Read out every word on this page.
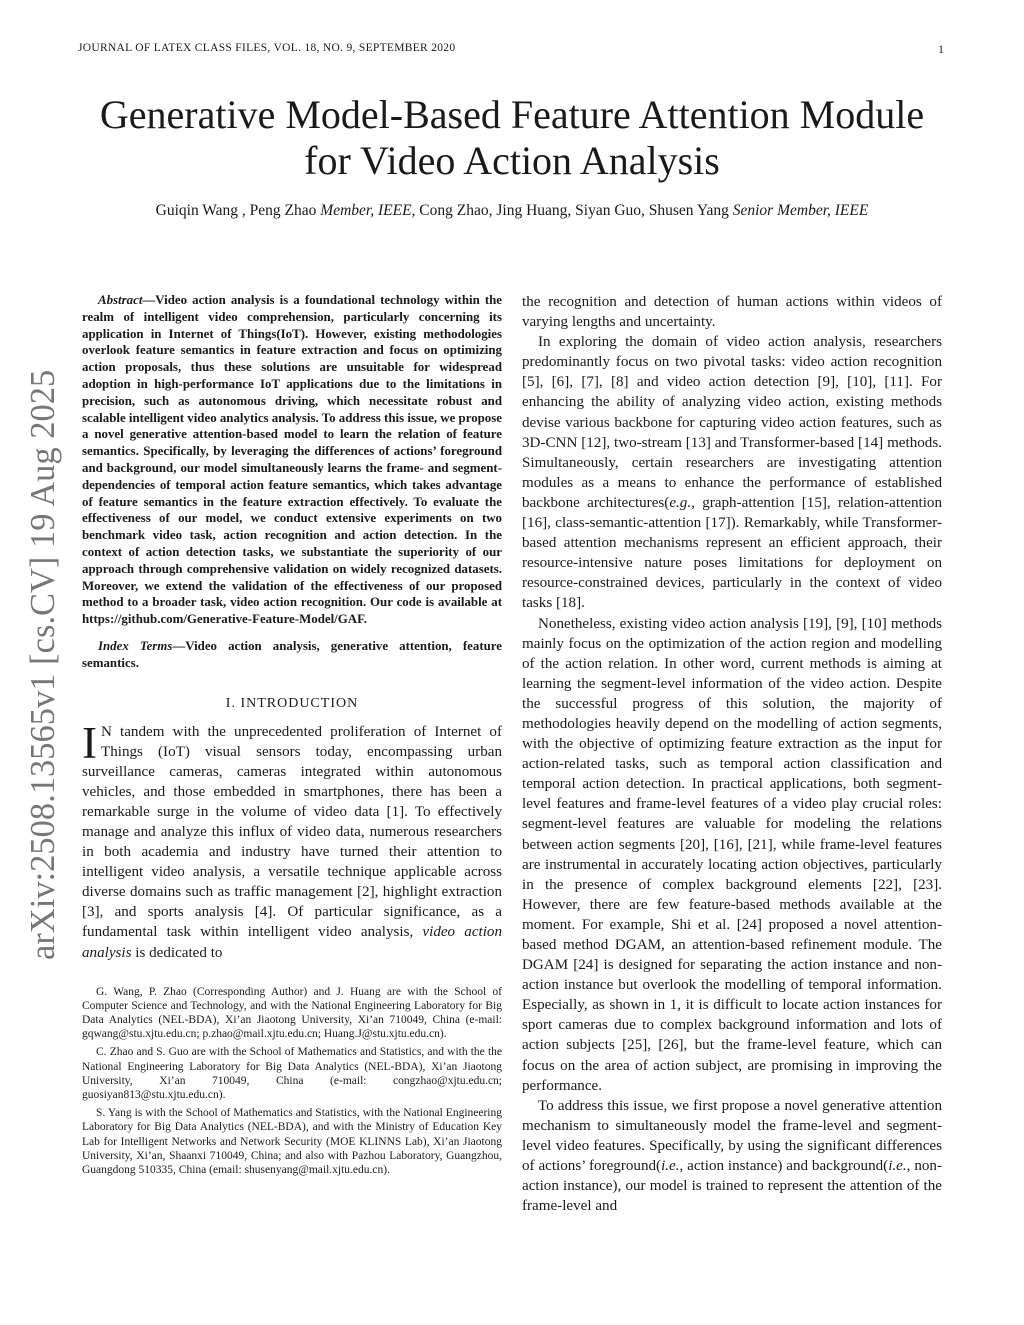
JOURNAL OF LATEX CLASS FILES, VOL. 18, NO. 9, SEPTEMBER 2020	1
Generative Model-Based Feature Attention Module
for Video Action Analysis
Guiqin Wang , Peng Zhao Member, IEEE, Cong Zhao, Jing Huang, Siyan Guo, Shusen Yang Senior Member, IEEE
arXiv:2508.13565v1 [cs.CV] 19 Aug 2025

Abstract—Video action analysis is a foundational technology within the realm of intelligent video comprehension, particularly concerning its application in Internet of Things(IoT). However, existing methodologies overlook feature semantics in feature extraction and focus on optimizing action proposals, thus these solutions are unsuitable for widespread adoption in high-performance IoT applications due to the limitations in precision, such as autonomous driving, which necessitate robust and scalable intelligent video analytics analysis. To address this issue, we propose a novel generative attention-based model to learn the relation of feature semantics. Specifically, by leveraging the differences of actions’ foreground and background, our model simultaneously learns the frame- and segment-dependencies of temporal action feature semantics, which takes advantage of feature semantics in the feature extraction effectively. To evaluate the effectiveness of our model, we conduct extensive experiments on two benchmark video task, action recognition and action detection. In the context of action detection tasks, we substantiate the superiority of our approach through comprehensive validation on widely recognized datasets. Moreover, we extend the validation of the effectiveness of our proposed method to a broader task, video action recognition. Our code is available at https://github.com/Generative-Feature-Model/GAF.

Index Terms—Video action analysis, generative attention, feature semantics.

I. INTRODUCTION

I N tandem with the unprecedented proliferation of Internet of Things (IoT) visual sensors today, encompassing urban surveillance cameras, cameras integrated within autonomous vehicles, and those embedded in smartphones, there has been a remarkable surge in the volume of video data [1]. To effectively manage and analyze this influx of video data, numerous researchers in both academia and industry have turned their attention to intelligent video analysis, a versatile technique applicable across diverse domains such as traffic management [2], highlight extraction [3], and sports analysis [4]. Of particular significance, as a fundamental task within intelligent video analysis, video action analysis is dedicated to

G. Wang, P. Zhao (Corresponding Author) and J. Huang are with the School of Computer Science and Technology, and with the National Engineering Laboratory for Big Data Analytics (NEL-BDA), Xi’an Jiaotong University, Xi’an 710049, China (e-mail: gqwang@stu.xjtu.edu.cn; p.zhao@mail.xjtu.edu.cn; Huang.J@stu.xjtu.edu.cn).

C. Zhao and S. Guo are with the School of Mathematics and Statistics, and with the the National Engineering Laboratory for Big Data Analytics (NEL-BDA), Xi’an Jiaotong University, Xi’an 710049, China (e-mail: congzhao@xjtu.edu.cn; guosiyan813@stu.xjtu.edu.cn).

S. Yang is with the School of Mathematics and Statistics, with the National Engineering Laboratory for Big Data Analytics (NEL-BDA), and with the Ministry of Education Key Lab for Intelligent Networks and Network Security (MOE KLINNS Lab), Xi’an Jiaotong University, Xi’an, Shaanxi 710049, China; and also with Pazhou Laboratory, Guangzhou, Guangdong 510335, China (email: shusenyang@mail.xjtu.edu.cn).

the recognition and detection of human actions within videos of varying lengths and uncertainty.

In exploring the domain of video action analysis, researchers predominantly focus on two pivotal tasks: video action recognition [5], [6], [7], [8] and video action detection [9], [10], [11]. For enhancing the ability of analyzing video action, existing methods devise various backbone for capturing video action features, such as 3D-CNN [12], two-stream [13] and Transformer-based [14] methods. Simultaneously, certain researchers are investigating attention modules as a means to enhance the performance of established backbone architectures(e.g., graph-attention [15], relation-attention [16], class-semantic-attention [17]). Remarkably, while Transformer-based attention mechanisms represent an efficient approach, their resource-intensive nature poses limitations for deployment on resource-constrained devices, particularly in the context of video tasks [18].

Nonetheless, existing video action analysis [19], [9], [10] methods mainly focus on the optimization of the action region and modelling of the action relation. In other word, current methods is aiming at learning the segment-level information of the video action. Despite the successful progress of this solution, the majority of methodologies heavily depend on the modelling of action segments, with the objective of optimizing feature extraction as the input for action-related tasks, such as temporal action classification and temporal action detection. In practical applications, both segment-level features and frame-level features of a video play crucial roles: segment-level features are valuable for modeling the relations between action segments [20], [16], [21], while frame-level features are instrumental in accurately locating action objectives, particularly in the presence of complex background elements [22], [23]. However, there are few feature-based methods available at the moment. For example, Shi et al. [24] proposed a novel attention-based method DGAM, an attention-based refinement module. The DGAM [24] is designed for separating the action instance and non-action instance but overlook the modelling of temporal information. Especially, as shown in 1, it is difficult to locate action instances for sport cameras due to complex background information and lots of action subjects [25], [26], but the frame-level feature, which can focus on the area of action subject, are promising in improving the performance.

To address this issue, we first propose a novel generative attention mechanism to simultaneously model the frame-level and segment-level video features. Specifically, by using the significant differences of actions’ foreground(i.e., action instance) and background(i.e., non-action instance), our model is trained to represent the attention of the frame-level and
